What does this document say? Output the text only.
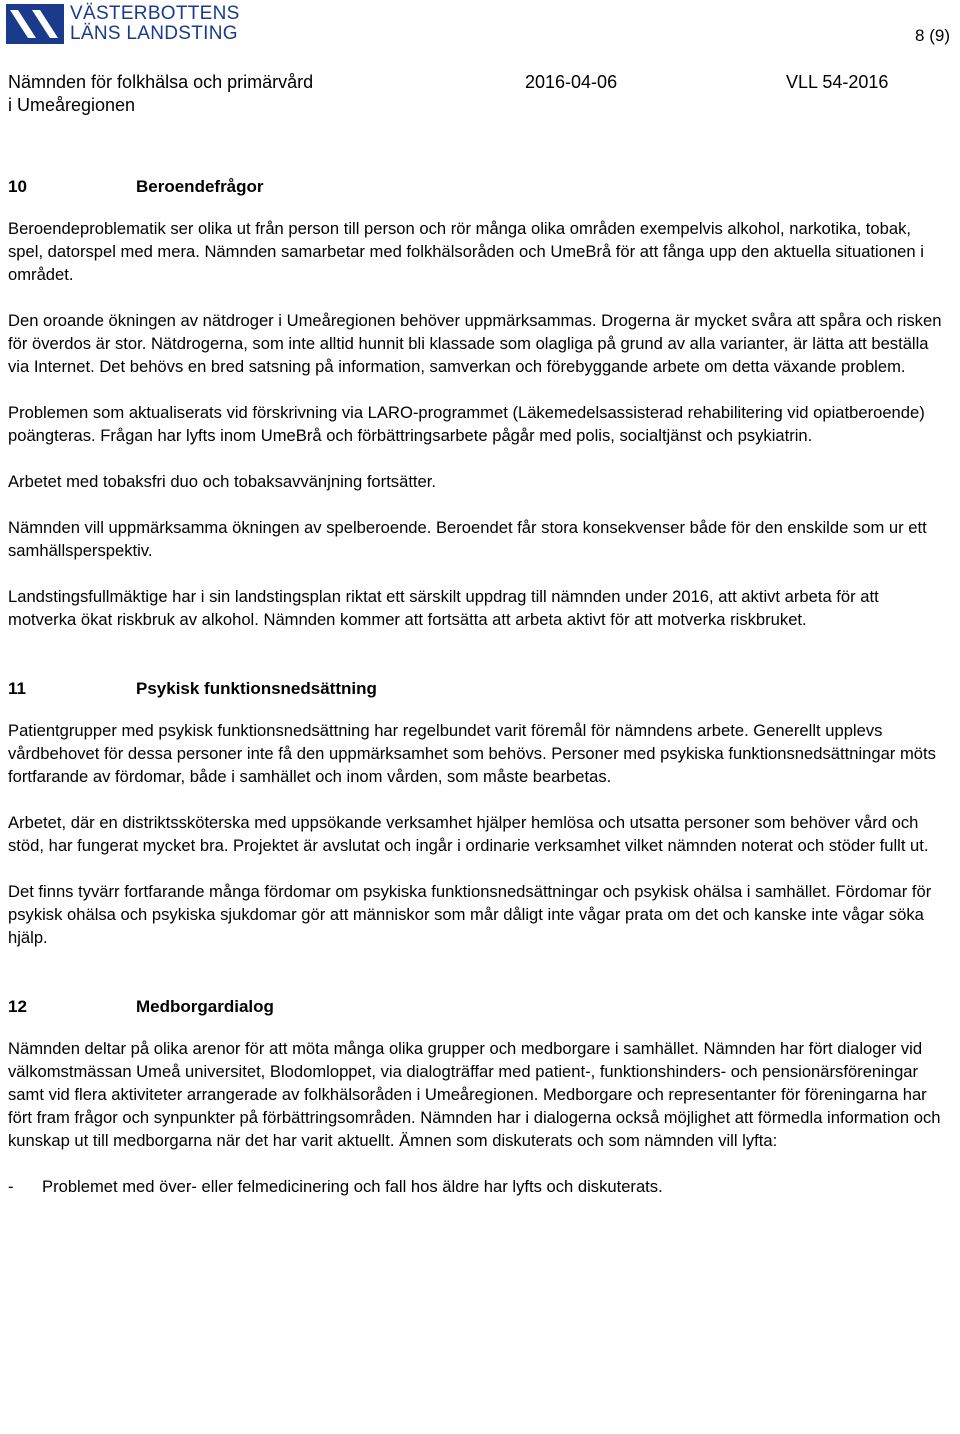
VÄSTERBOTTENS
LÄNS LANDSTING	8 (9)
Nämnden för folkhälsa och primärvård
i Umeåregionen
2016-04-06	VLL 54-2016
10	Beroendefrågor

Beroendeproblematik ser olika ut från person till person och rör många olika områden exempelvis alkohol, narkotika, tobak, spel, datorspel med mera. Nämnden samarbetar med folkhälsoråden och UmeBrå för att fånga upp den aktuella situationen i området.

Den oroande ökningen av nätdroger i Umeåregionen behöver uppmärksammas. Drogerna är mycket svåra att spåra och risken för överdos är stor. Nätdrogerna, som inte alltid hunnit bli klassade som olagliga på grund av alla varianter, är lätta att beställa via Internet. Det behövs en bred satsning på information, samverkan och förebyggande arbete om detta växande problem.

Problemen som aktualiserats vid förskrivning via LARO-programmet (Läkemedelsassisterad rehabilitering vid opiatberoende) poängteras. Frågan har lyfts inom UmeBrå och förbättringsarbete pågår med polis, socialtjänst och psykiatrin.

Arbetet med tobaksfri duo och tobaksavvänjning fortsätter.

Nämnden vill uppmärksamma ökningen av spelberoende. Beroendet får stora konsekvenser både för den enskilde som ur ett samhällsperspektiv.

Landstingsfullmäktige har i sin landstingsplan riktat ett särskilt uppdrag till nämnden under 2016, att aktivt arbeta för att motverka ökat riskbruk av alkohol. Nämnden kommer att fortsätta att arbeta aktivt för att motverka riskbruket.

11	Psykisk funktionsnedsättning

Patientgrupper med psykisk funktionsnedsättning har regelbundet varit föremål för nämndens arbete. Generellt upplevs vårdbehovet för dessa personer inte få den uppmärksamhet som behövs. Personer med psykiska funktionsnedsättningar möts fortfarande av fördomar, både i samhället och inom vården, som måste bearbetas.

Arbetet, där en distriktssköterska med uppsökande verksamhet hjälper hemlösa och utsatta personer som behöver vård och stöd, har fungerat mycket bra. Projektet är avslutat och ingår i ordinarie verksamhet vilket nämnden noterat och stöder fullt ut.

Det finns tyvärr fortfarande många fördomar om psykiska funktionsnedsättningar och psykisk ohälsa i samhället. Fördomar för psykisk ohälsa och psykiska sjukdomar gör att människor som mår dåligt inte vågar prata om det och kanske inte vågar söka hjälp.

12	Medborgardialog

Nämnden deltar på olika arenor för att möta många olika grupper och medborgare i samhället. Nämnden har fört dialoger vid välkomstmässan Umeå universitet, Blodomloppet, via dialogträffar med patient-, funktionshinders- och pensionärsföreningar samt vid flera aktiviteter arrangerade av folkhälsoråden i Umeåregionen. Medborgare och representanter för föreningarna har fört fram frågor och synpunkter på förbättringsområden. Nämnden har i dialogerna också möjlighet att förmedla information och kunskap ut till medborgarna när det har varit aktuellt. Ämnen som diskuterats och som nämnden vill lyfta:

-	Problemet med över- eller felmedicinering och fall hos äldre har lyfts och diskuterats.
